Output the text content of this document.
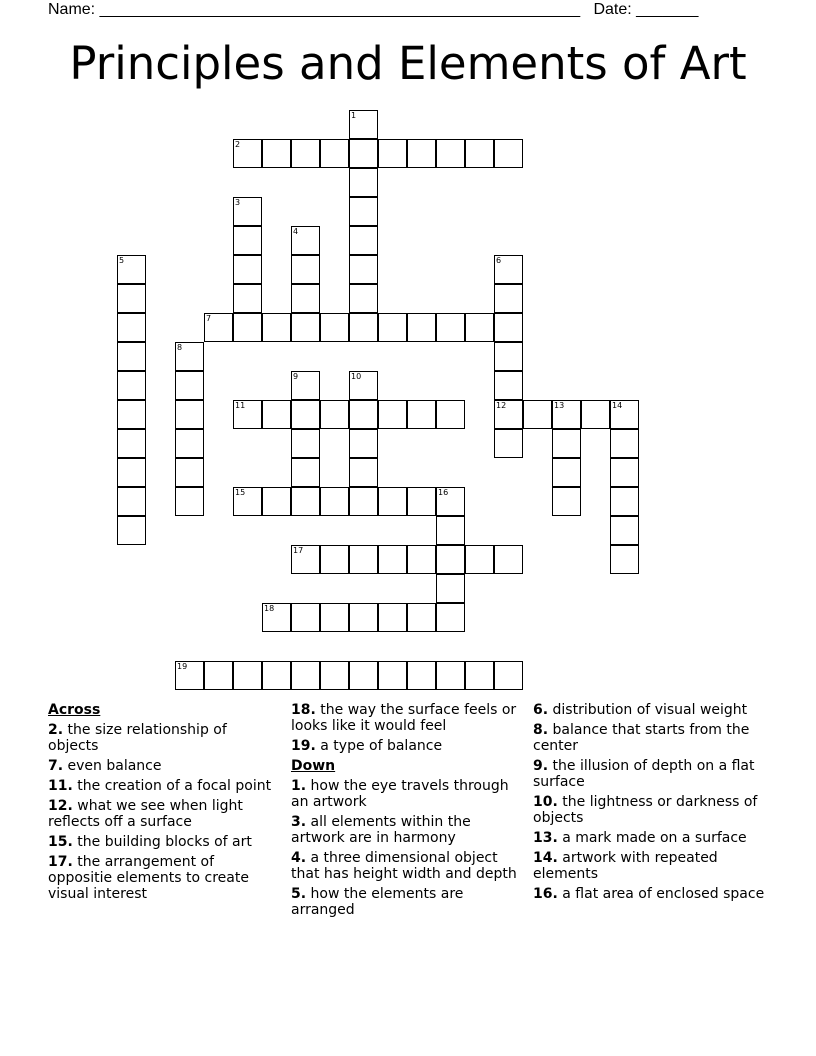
Name: ______________________________________________________ Date: _______
Principles and Elements of Art
1
2
3
4
5	6
12
7
8
9	10
11	13	14
15	16
17
18
19
Across
2. the size relationship of objects
7. even balance
11. the creation of a focal point
12. what we see when light reflects off a surface
15. the building blocks of art
17. the arrangement of oppositie elements to create visual interest
18. the way the surface feels or looks like it would feel
19. a type of balance
Down
1. how the eye travels through an artwork
3. all elements within the artwork are in harmony
4. a three dimensional object that has height width and depth
5. how the elements are arranged
6. distribution of visual weight
8. balance that starts from the center
9. the illusion of depth on a flat surface
10. the lightness or darkness of objects
13. a mark made on a surface
14. artwork with repeated elements
16. a flat area of enclosed space
